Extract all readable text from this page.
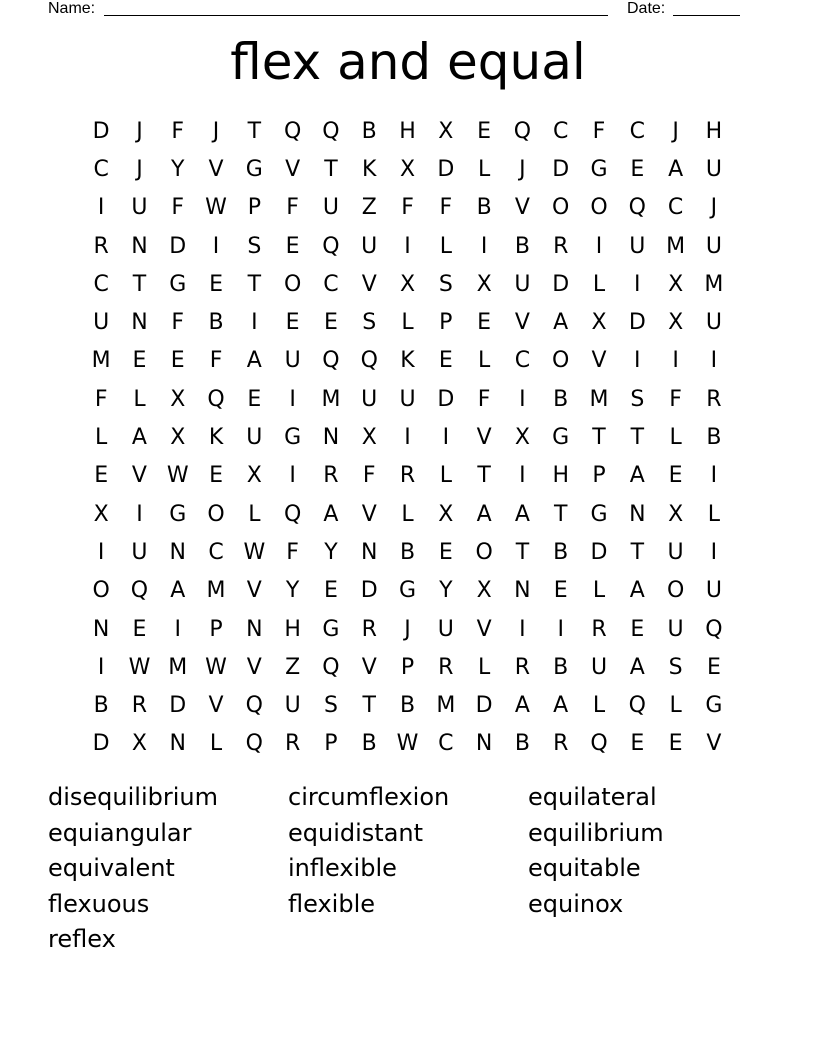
Name:	Date:
flex and equal
D	J	F	J	T	Q Q	B	H	X	E	Q C	F	C	J	H
C	J	Y	V	G	V	T	K	X	D	L	J	D G	E	A	U
I	U	F W P	F	U	Z	F	F	B	V	O O Q C	J
R	N D	I	S	E	Q U	I	L	I	B	R	I	U M U
C	T	G	E	T	O C	V	X	S	X	U D	L	I	X M
U	N	F	B	I	E	E	S	L	P	E	V	A	X	D	X	U
M E	E	F	A	U Q Q	K	E	L	C O	V	I	I	I
F	L	X	Q	E	I	M U	U D	F	I	B M S	F	R
L	A	X	K	U G N	X	I	I	V	X	G	T	T	L	B
E	V W E	X	I	R	F	R	L	T	I	H	P	A	E	I
X	I	G O	L	Q	A	V	L	X	A	A	T	G N	X	L
I	U	N	C W F	Y	N	B	E	O	T	B	D	T	U	I
O Q	A M V	Y	E	D G	Y	X	N	E	L	A	O U
N	E	I	P	N H G	R	J	U	V	I	I	R	E	U Q
I	W M W V	Z	Q	V	P	R	L	R	B	U	A	S	E
B	R	D	V	Q U	S	T	B M D	A	A	L	Q	L	G
D	X	N	L	Q R	P	B W C	N	B	R Q	E	E	V
disequilibrium	circumflexion	equilateral
equiangular	equidistant	equilibrium
equivalent	inflexible	equitable
flexuous	flexible	equinox
reflex
